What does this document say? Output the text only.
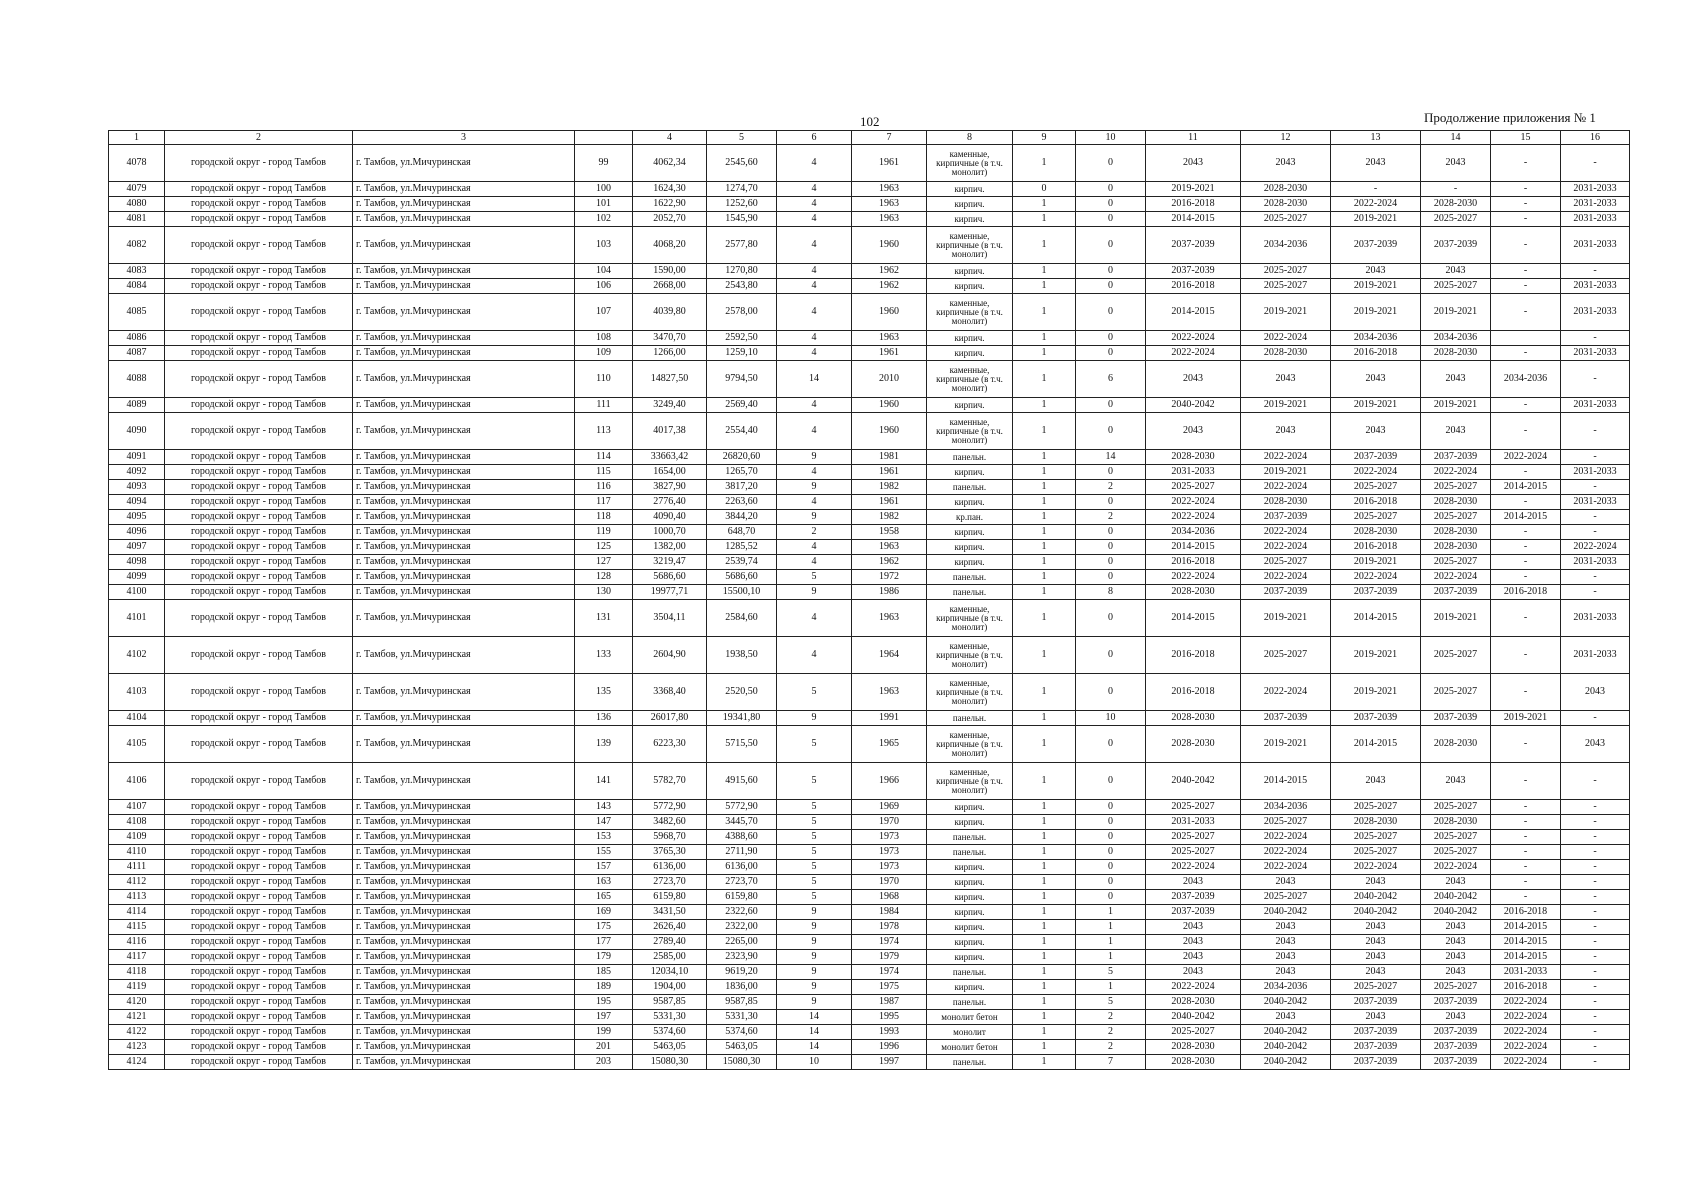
102	Продолжение приложения № 1
1	2	3		4	5	6	7	8	9	10	11	12	13	14	15	16
4078	городской округ - город Тамбов	г. Тамбов, ул.Мичуринская	99	4062,34	2545,60	4	1961	каменные, кирпичные (в т.ч. монолит)	1	0	2043	2043	2043	2043	-	-
4079	городской округ - город Тамбов	г. Тамбов, ул.Мичуринская	100	1624,30	1274,70	4	1963	кирпич.	0	0	2019-2021	2028-2030	-	-	-	2031-2033
4080	городской округ - город Тамбов	г. Тамбов, ул.Мичуринская	101	1622,90	1252,60	4	1963	кирпич.	1	0	2016-2018	2028-2030	2022-2024	2028-2030	-	2031-2033
4081	городской округ - город Тамбов	г. Тамбов, ул.Мичуринская	102	2052,70	1545,90	4	1963	кирпич.	1	0	2014-2015	2025-2027	2019-2021	2025-2027	-	2031-2033
4082	городской округ - город Тамбов	г. Тамбов, ул.Мичуринская	103	4068,20	2577,80	4	1960	каменные, кирпичные (в т.ч. монолит)	1	0	2037-2039	2034-2036	2037-2039	2037-2039	-	2031-2033
4083	городской округ - город Тамбов	г. Тамбов, ул.Мичуринская	104	1590,00	1270,80	4	1962	кирпич.	1	0	2037-2039	2025-2027	2043	2043	-	-
4084	городской округ - город Тамбов	г. Тамбов, ул.Мичуринская	106	2668,00	2543,80	4	1962	кирпич.	1	0	2016-2018	2025-2027	2019-2021	2025-2027	-	2031-2033
4085	городской округ - город Тамбов	г. Тамбов, ул.Мичуринская	107	4039,80	2578,00	4	1960	каменные, кирпичные (в т.ч. монолит)	1	0	2014-2015	2019-2021	2019-2021	2019-2021	-	2031-2033
4086	городской округ - город Тамбов	г. Тамбов, ул.Мичуринская	108	3470,70	2592,50	4	1963	кирпич.	1	0	2022-2024	2022-2024	2034-2036	2034-2036		-
4087	городской округ - город Тамбов	г. Тамбов, ул.Мичуринская	109	1266,00	1259,10	4	1961	кирпич.	1	0	2022-2024	2028-2030	2016-2018	2028-2030	-	2031-2033
4088	городской округ - город Тамбов	г. Тамбов, ул.Мичуринская	110	14827,50	9794,50	14	2010	каменные, кирпичные (в т.ч. монолит)	1	6	2043	2043	2043	2043	2034-2036	-
4089	городской округ - город Тамбов	г. Тамбов, ул.Мичуринская	111	3249,40	2569,40	4	1960	кирпич.	1	0	2040-2042	2019-2021	2019-2021	2019-2021	-	2031-2033
4090	городской округ - город Тамбов	г. Тамбов, ул.Мичуринская	113	4017,38	2554,40	4	1960	каменные, кирпичные (в т.ч. монолит)	1	0	2043	2043	2043	2043	-	-
4091	городской округ - город Тамбов	г. Тамбов, ул.Мичуринская	114	33663,42	26820,60	9	1981	панельн.	1	14	2028-2030	2022-2024	2037-2039	2037-2039	2022-2024	-
4092	городской округ - город Тамбов	г. Тамбов, ул.Мичуринская	115	1654,00	1265,70	4	1961	кирпич.	1	0	2031-2033	2019-2021	2022-2024	2022-2024	-	2031-2033
4093	городской округ - город Тамбов	г. Тамбов, ул.Мичуринская	116	3827,90	3817,20	9	1982	панельн.	1	2	2025-2027	2022-2024	2025-2027	2025-2027	2014-2015	-
4094	городской округ - город Тамбов	г. Тамбов, ул.Мичуринская	117	2776,40	2263,60	4	1961	кирпич.	1	0	2022-2024	2028-2030	2016-2018	2028-2030	-	2031-2033
4095	городской округ - город Тамбов	г. Тамбов, ул.Мичуринская	118	4090,40	3844,20	9	1982	кр.пан.	1	2	2022-2024	2037-2039	2025-2027	2025-2027	2014-2015	-
4096	городской округ - город Тамбов	г. Тамбов, ул.Мичуринская	119	1000,70	648,70	2	1958	кирпич.	1	0	2034-2036	2022-2024	2028-2030	2028-2030	-	-
4097	городской округ - город Тамбов	г. Тамбов, ул.Мичуринская	125	1382,00	1285,52	4	1963	кирпич.	1	0	2014-2015	2022-2024	2016-2018	2028-2030	-	2022-2024
4098	городской округ - город Тамбов	г. Тамбов, ул.Мичуринская	127	3219,47	2539,74	4	1962	кирпич.	1	0	2016-2018	2025-2027	2019-2021	2025-2027	-	2031-2033
4099	городской округ - город Тамбов	г. Тамбов, ул.Мичуринская	128	5686,60	5686,60	5	1972	панельн.	1	0	2022-2024	2022-2024	2022-2024	2022-2024	-	-
4100	городской округ - город Тамбов	г. Тамбов, ул.Мичуринская	130	19977,71	15500,10	9	1986	панельн.	1	8	2028-2030	2037-2039	2037-2039	2037-2039	2016-2018	-
4101	городской округ - город Тамбов	г. Тамбов, ул.Мичуринская	131	3504,11	2584,60	4	1963	каменные, кирпичные (в т.ч. монолит)	1	0	2014-2015	2019-2021	2014-2015	2019-2021	-	2031-2033
4102	городской округ - город Тамбов	г. Тамбов, ул.Мичуринская	133	2604,90	1938,50	4	1964	каменные, кирпичные (в т.ч. монолит)	1	0	2016-2018	2025-2027	2019-2021	2025-2027	-	2031-2033
4103	городской округ - город Тамбов	г. Тамбов, ул.Мичуринская	135	3368,40	2520,50	5	1963	каменные, кирпичные (в т.ч. монолит)	1	0	2016-2018	2022-2024	2019-2021	2025-2027	-	2043
4104	городской округ - город Тамбов	г. Тамбов, ул.Мичуринская	136	26017,80	19341,80	9	1991	панельн.	1	10	2028-2030	2037-2039	2037-2039	2037-2039	2019-2021	-
4105	городской округ - город Тамбов	г. Тамбов, ул.Мичуринская	139	6223,30	5715,50	5	1965	каменные, кирпичные (в т.ч. монолит)	1	0	2028-2030	2019-2021	2014-2015	2028-2030	-	2043
4106	городской округ - город Тамбов	г. Тамбов, ул.Мичуринская	141	5782,70	4915,60	5	1966	каменные, кирпичные (в т.ч. монолит)	1	0	2040-2042	2014-2015	2043	2043	-	-
4107	городской округ - город Тамбов	г. Тамбов, ул.Мичуринская	143	5772,90	5772,90	5	1969	кирпич.	1	0	2025-2027	2034-2036	2025-2027	2025-2027	-	-
4108	городской округ - город Тамбов	г. Тамбов, ул.Мичуринская	147	3482,60	3445,70	5	1970	кирпич.	1	0	2031-2033	2025-2027	2028-2030	2028-2030	-	-
4109	городской округ - город Тамбов	г. Тамбов, ул.Мичуринская	153	5968,70	4388,60	5	1973	панельн.	1	0	2025-2027	2022-2024	2025-2027	2025-2027	-	-
4110	городской округ - город Тамбов	г. Тамбов, ул.Мичуринская	155	3765,30	2711,90	5	1973	панельн.	1	0	2025-2027	2022-2024	2025-2027	2025-2027	-	-
4111	городской округ - город Тамбов	г. Тамбов, ул.Мичуринская	157	6136,00	6136,00	5	1973	кирпич.	1	0	2022-2024	2022-2024	2022-2024	2022-2024	-	-
4112	городской округ - город Тамбов	г. Тамбов, ул.Мичуринская	163	2723,70	2723,70	5	1970	кирпич.	1	0	2043	2043	2043	2043	-	-
4113	городской округ - город Тамбов	г. Тамбов, ул.Мичуринская	165	6159,80	6159,80	5	1968	кирпич.	1	0	2037-2039	2025-2027	2040-2042	2040-2042	-	-
4114	городской округ - город Тамбов	г. Тамбов, ул.Мичуринская	169	3431,50	2322,60	9	1984	кирпич.	1	1	2037-2039	2040-2042	2040-2042	2040-2042	2016-2018	-
4115	городской округ - город Тамбов	г. Тамбов, ул.Мичуринская	175	2626,40	2322,00	9	1978	кирпич.	1	1	2043	2043	2043	2043	2014-2015	-
4116	городской округ - город Тамбов	г. Тамбов, ул.Мичуринская	177	2789,40	2265,00	9	1974	кирпич.	1	1	2043	2043	2043	2043	2014-2015	-
4117	городской округ - город Тамбов	г. Тамбов, ул.Мичуринская	179	2585,00	2323,90	9	1979	кирпич.	1	1	2043	2043	2043	2043	2014-2015	-
4118	городской округ - город Тамбов	г. Тамбов, ул.Мичуринская	185	12034,10	9619,20	9	1974	панельн.	1	5	2043	2043	2043	2043	2031-2033	-
4119	городской округ - город Тамбов	г. Тамбов, ул.Мичуринская	189	1904,00	1836,00	9	1975	кирпич.	1	1	2022-2024	2034-2036	2025-2027	2025-2027	2016-2018	-
4120	городской округ - город Тамбов	г. Тамбов, ул.Мичуринская	195	9587,85	9587,85	9	1987	панельн.	1	5	2028-2030	2040-2042	2037-2039	2037-2039	2022-2024	-
4121	городской округ - город Тамбов	г. Тамбов, ул.Мичуринская	197	5331,30	5331,30	14	1995	монолит бетон	1	2	2040-2042	2043	2043	2043	2022-2024	-
4122	городской округ - город Тамбов	г. Тамбов, ул.Мичуринская	199	5374,60	5374,60	14	1993	монолит	1	2	2025-2027	2040-2042	2037-2039	2037-2039	2022-2024	-
4123	городской округ - город Тамбов	г. Тамбов, ул.Мичуринская	201	5463,05	5463,05	14	1996	монолит бетон	1	2	2028-2030	2040-2042	2037-2039	2037-2039	2022-2024	-
4124	городской округ - город Тамбов	г. Тамбов, ул.Мичуринская	203	15080,30	15080,30	10	1997	панельн.	1	7	2028-2030	2040-2042	2037-2039	2037-2039	2022-2024	-
